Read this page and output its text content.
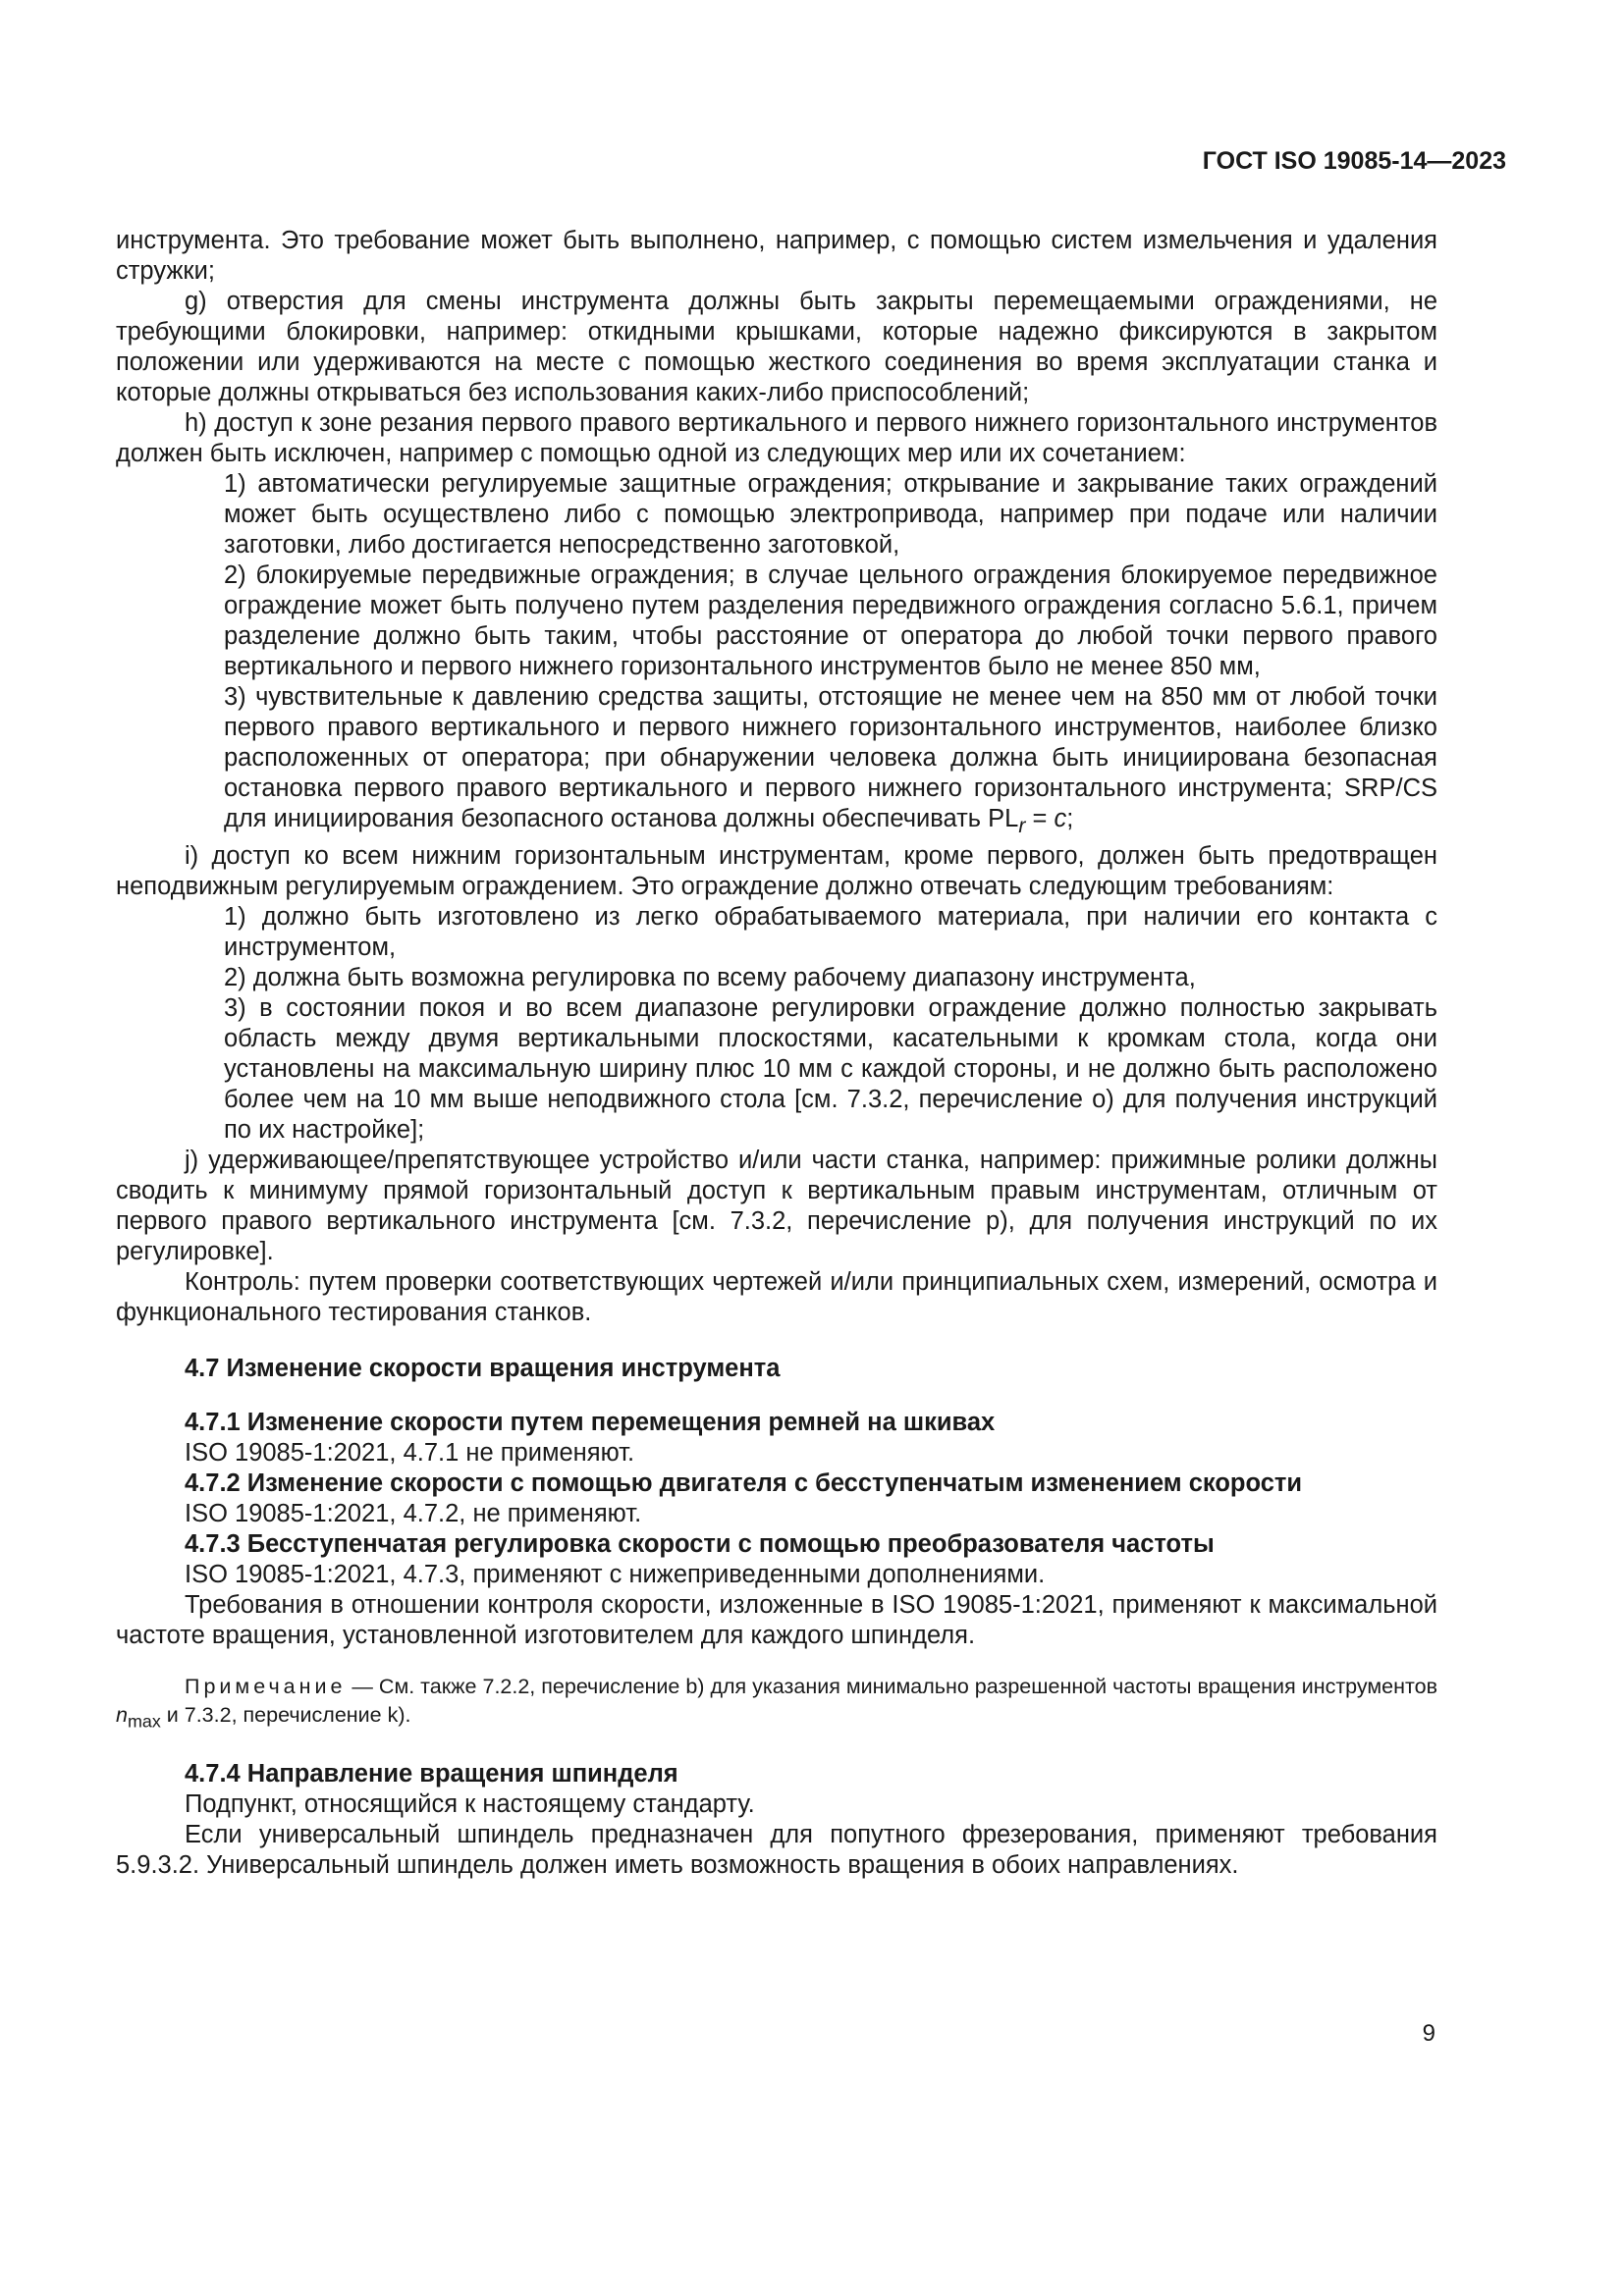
ГОСТ ISO 19085-14—2023

инструмента. Это требование может быть выполнено, например, с помощью систем измельчения и удаления стружки;

g) отверстия для смены инструмента должны быть закрыты перемещаемыми ограждениями, не требующими блокировки, например: откидными крышками, которые надежно фиксируются в закрытом положении или удерживаются на месте с помощью жесткого соединения во время эксплуатации станка и которые должны открываться без использования каких-либо приспособлений;

h) доступ к зоне резания первого правого вертикального и первого нижнего горизонтального инструментов должен быть исключен, например с помощью одной из следующих мер или их сочетанием:

1) автоматически регулируемые защитные ограждения; открывание и закрывание таких ограждений может быть осуществлено либо с помощью электропривода, например при подаче или наличии заготовки, либо достигается непосредственно заготовкой,

2) блокируемые передвижные ограждения; в случае цельного ограждения блокируемое передвижное ограждение может быть получено путем разделения передвижного ограждения согласно 5.6.1, причем разделение должно быть таким, чтобы расстояние от оператора до любой точки первого правого вертикального и первого нижнего горизонтального инструментов было не менее 850 мм,

3) чувствительные к давлению средства защиты, отстоящие не менее чем на 850 мм от любой точки первого правого вертикального и первого нижнего горизонтального инструментов, наиболее близко расположенных от оператора; при обнаружении человека должна быть инициирована безопасная остановка первого правого вертикального и первого нижнего горизонтального инструмента; SRP/CS для инициирования безопасного останова должны обеспечивать $PL_r = c$;

i) доступ ко всем нижним горизонтальным инструментам, кроме первого, должен быть предотвращен неподвижным регулируемым ограждением. Это ограждение должно отвечать следующим требованиям:

1) должно быть изготовлено из легко обрабатываемого материала, при наличии его контакта с инструментом,

2) должна быть возможна регулировка по всему рабочему диапазону инструмента,

3) в состоянии покоя и во всем диапазоне регулировки ограждение должно полностью закрывать область между двумя вертикальными плоскостями, касательными к кромкам стола, когда они установлены на максимальную ширину плюс 10 мм с каждой стороны, и не должно быть расположено более чем на 10 мм выше неподвижного стола [см. 7.3.2, перечисление о) для получения инструкций по их настройке];

j) удерживающее/препятствующее устройство и/или части станка, например: прижимные ролики должны сводить к минимуму прямой горизонтальный доступ к вертикальным правым инструментам, отличным от первого правого вертикального инструмента [см. 7.3.2, перечисление р), для получения инструкций по их регулировке].

Контроль: путем проверки соответствующих чертежей и/или принципиальных схем, измерений, осмотра и функционального тестирования станков.

4.7 Изменение скорости вращения инструмента

4.7.1 Изменение скорости путем перемещения ремней на шкивах

ISO 19085-1:2021, 4.7.1 не применяют.

4.7.2 Изменение скорости с помощью двигателя с бесступенчатым изменением скорости

ISO 19085-1:2021, 4.7.2, не применяют.

4.7.3 Бесступенчатая регулировка скорости с помощью преобразователя частоты

ISO 19085-1:2021, 4.7.3, применяют с нижеприведенными дополнениями.

Требования в отношении контроля скорости, изложенные в ISO 19085-1:2021, применяют к максимальной частоте вращения, установленной изготовителем для каждого шпинделя.

Примечание — См. также 7.2.2, перечисление b) для указания минимально разрешенной частоты вращения инструментов $n_{max}$ и 7.3.2, перечисление k).

4.7.4 Направление вращения шпинделя

Подпункт, относящийся к настоящему стандарту.

Если универсальный шпиндель предназначен для попутного фрезерования, применяют требования 5.9.3.2. Универсальный шпиндель должен иметь возможность вращения в обоих направлениях.

9
